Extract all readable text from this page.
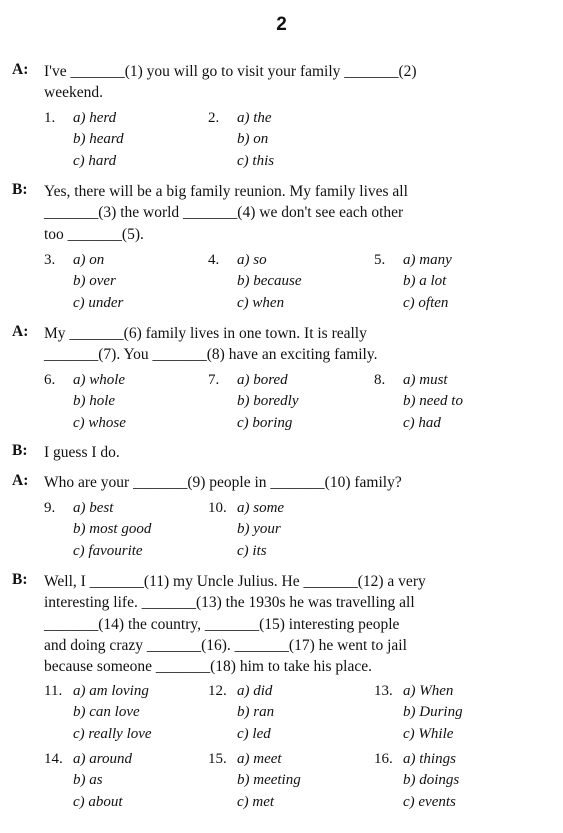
2
A: I've _______(1) you will go to visit your family _______(2)
weekend.
1. a) herd
b) heard
c) hard
2. a) the
b) on
c) this
B: Yes, there will be a big family reunion. My family lives all
_______(3) the world _______(4) we don't see each other
too _______(5).
3. a) on
b) over
c) under
4. a) so
b) because
c) when
5. a) many
b) a lot
c) often
A: My _______(6) family lives in one town. It is really
_______(7). You _______(8) have an exciting family.
6. a) whole
b) hole
c) whose
7. a) bored
b) boredly
c) boring
8. a) must
b) need to
c) had
B: I guess I do.
A: Who are your _______(9) people in _______(10) family?
9. a) best
b) most good
c) favourite
10. a) some
b) your
c) its
B: Well, I _______(11) my Uncle Julius. He _______(12) a very
interesting life. _______(13) the 1930s he was travelling all
_______(14) the country, _______(15) interesting people
and doing crazy _______(16). _______(17) he went to jail
because someone _______(18) him to take his place.
11. a) am loving
b) can love
c) really love
12. a) did
b) ran
c) led
13. a) When
b) During
c) While
14. a) around
b) as
c) about
15. a) meet
b) meeting
c) met
16. a) things
b) doings
c) events
